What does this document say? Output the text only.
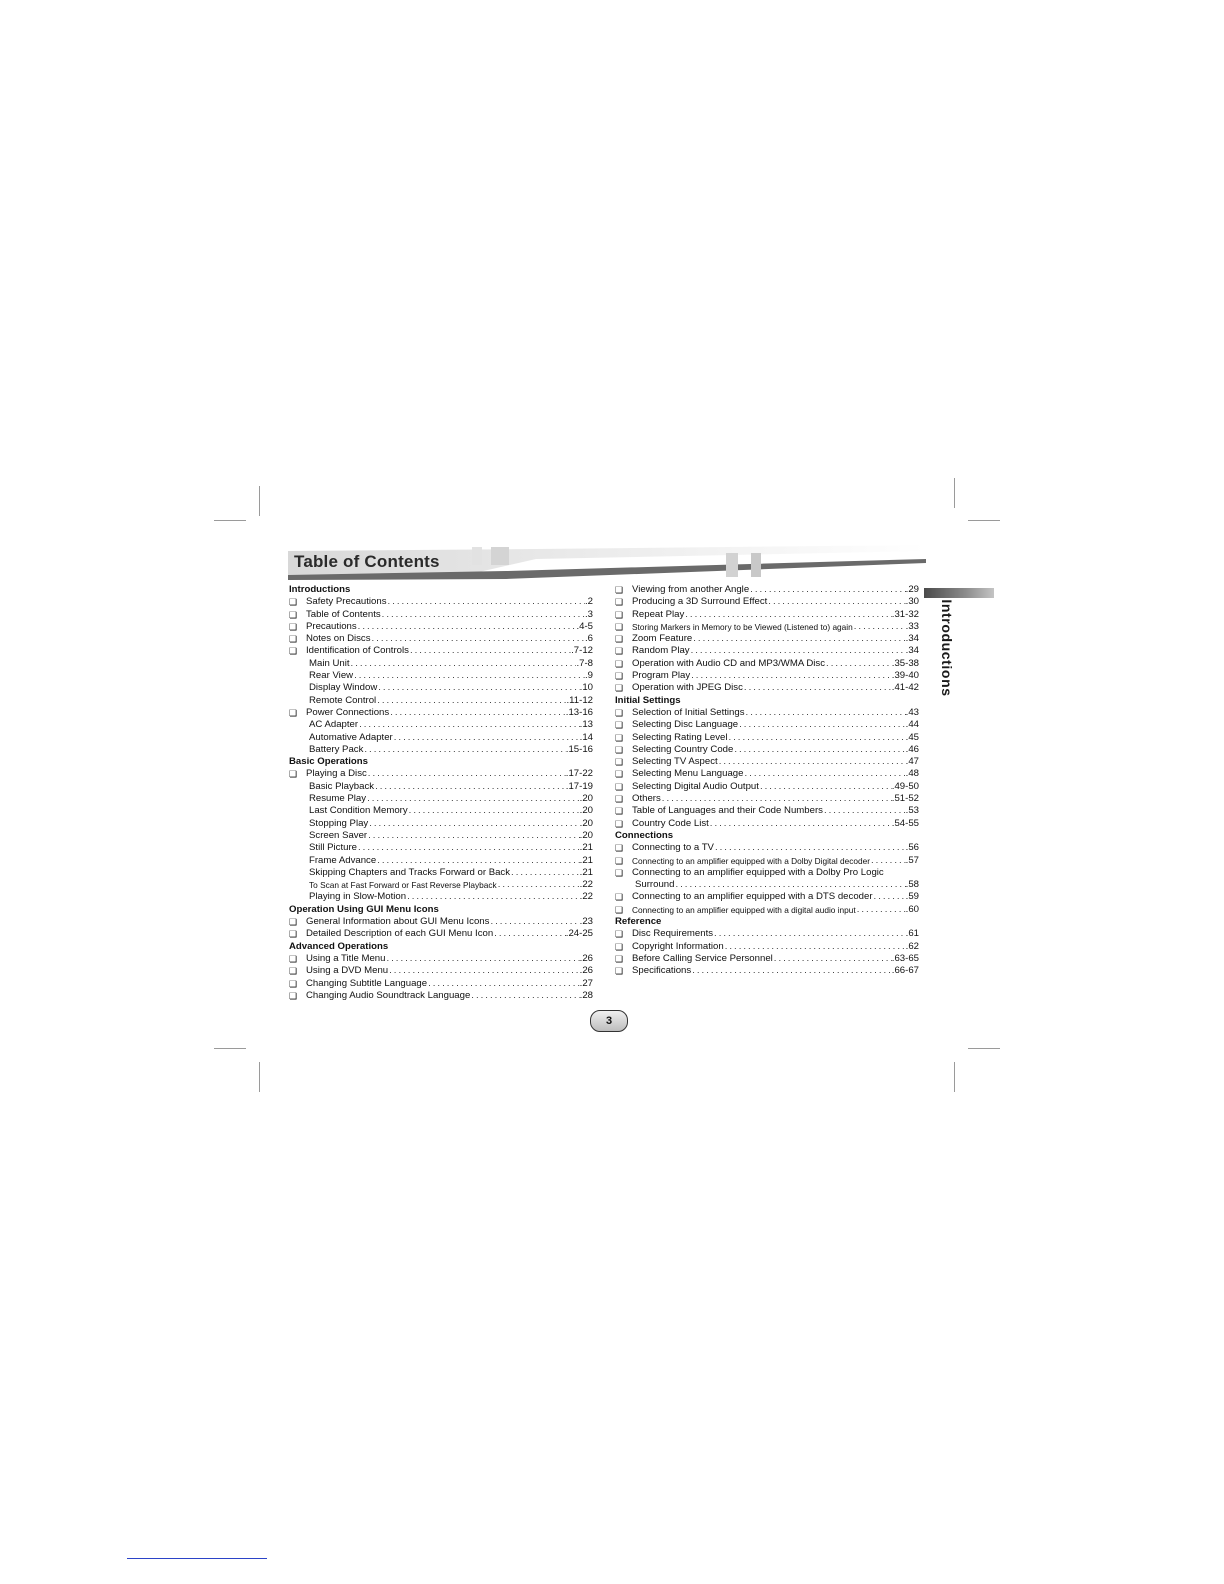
Table of Contents
Introductions
❏ Safety Precautions .....	.2
❏ Table of Contents .....	.3
❏ Precautions .....	.4-5
❏ Notes on Discs .....	.6
❏ Identification of Controls .....	.7-12
Main Unit .....	.7-8
Rear View .....	.9
Display Window .....	.10
Remote Control .....	.11-12
❏ Power Connections .....	.13-16
AC Adapter .....	.13
Automative Adapter .....	.14
Battery Pack .....	.15-16
Basic Operations
❏ Playing a Disc .....	.17-22
Basic Playback .....	.17-19
Resume Play .....	.20
Last Condition Memory .....	.20
Stopping Play .....	.20
Screen Saver .....	.20
Still Picture .....	.21
Frame Advance .....	.21
Skipping Chapters and Tracks Forward or Back .....	.21
To Scan at Fast Forward or Fast Reverse Playback .....	.22
Playing in Slow-Motion .....	.22
Operation Using GUI Menu Icons
❏ General Information about GUI Menu Icons .....	.23
❏ Detailed Description of each GUI Menu Icon .....	.24-25
Advanced Operations
❏ Using a Title Menu .....	.26
❏ Using a DVD Menu .....	.26
❏ Changing Subtitle Language .....	.27
❏ Changing Audio Soundtrack Language .....	.28
❏ Viewing from another Angle .....	.29
❏ Producing a 3D Surround Effect .....	.30
❏ Repeat Play .....	.31-32
❏	Storing Markers in Memory to be Viewed (Listened to) again .....	.33
❏ Zoom Feature .....	.34
❏ Random Play .....	.34
❏ Operation with Audio CD and MP3/WMA Disc .....	.35-38
❏ Program Play .....	.39-40
❏ Operation with JPEG Disc .....	.41-42
Initial Settings
❏ Selection of Initial Settings .....	.43
❏ Selecting Disc Language .....	.44
❏ Selecting Rating Level .....	.45
❏ Selecting Country Code .....	.46
❏ Selecting TV Aspect .....	.47
❏ Selecting Menu Language .....	.48
❏ Selecting Digital Audio Output .....	.49-50
❏ Others .....	.51-52
❏ Table of Languages and their Code Numbers .....	.53
❏ Country Code List .....	.54-55
Connections
❏ Connecting to a TV .....	.56
❏	Connecting to an amplifier equipped with a Dolby Digital decoder .....	.57
❏ Connecting to an amplifier equipped with a Dolby Pro Logic
Surround .....	.58
❏ Connecting to an amplifier equipped with a DTS decoder .....	.59
❏	Connecting to an amplifier equipped with a digital audio input .....	.60
Reference
❏ Disc Requirements .....	.61
❏ Copyright Information .....	.62
❏ Before Calling Service Personnel .....	.63-65
❏ Specifications .....	.66-67
Introductions
3
